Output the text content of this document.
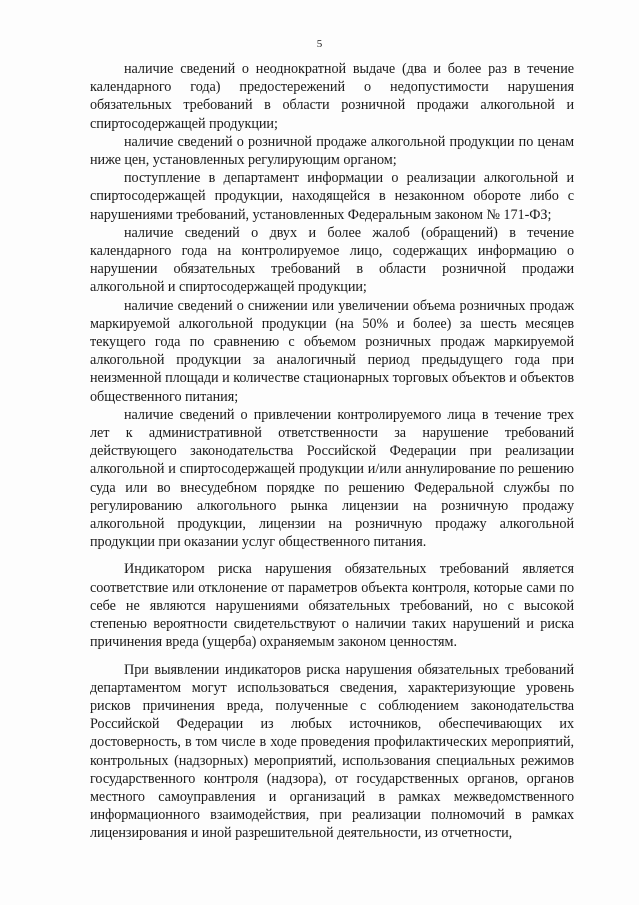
5

наличие сведений о неоднократной выдаче (два и более раз в течение календарного года) предостережений о недопустимости нарушения обязательных требований в области розничной продажи алкогольной и спиртосодержащей продукции;

наличие сведений о розничной продаже алкогольной продукции по ценам ниже цен, установленных регулирующим органом;

поступление в департамент информации о реализации алкогольной и спиртосодержащей продукции, находящейся в незаконном обороте либо с нарушениями требований, установленных Федеральным законом № 171-ФЗ;

наличие сведений о двух и более жалоб (обращений) в течение календарного года на контролируемое лицо, содержащих информацию о нарушении обязательных требований в области розничной продажи алкогольной и спиртосодержащей продукции;

наличие сведений о снижении или увеличении объема розничных продаж маркируемой алкогольной продукции (на 50% и более) за шесть месяцев текущего года по сравнению с объемом розничных продаж маркируемой алкогольной продукции за аналогичный период предыдущего года при неизменной площади и количестве стационарных торговых объектов и объектов общественного питания;

наличие сведений о привлечении контролируемого лица в течение трех лет к административной ответственности за нарушение требований действующего законодательства Российской Федерации при реализации алкогольной и спиртосодержащей продукции и/или аннулирование по решению суда или во внесудебном порядке по решению Федеральной службы по регулированию алкогольного рынка лицензии на розничную продажу алкогольной продукции, лицензии на розничную продажу алкогольной продукции при оказании услуг общественного питания.

Индикатором риска нарушения обязательных требований является соответствие или отклонение от параметров объекта контроля, которые сами по себе не являются нарушениями обязательных требований, но с высокой степенью вероятности свидетельствуют о наличии таких нарушений и риска причинения вреда (ущерба) охраняемым законом ценностям.

При выявлении индикаторов риска нарушения обязательных требований департаментом могут использоваться сведения, характеризующие уровень рисков причинения вреда, полученные с соблюдением законодательства Российской Федерации из любых источников, обеспечивающих их достоверность, в том числе в ходе проведения профилактических мероприятий, контрольных (надзорных) мероприятий, использования специальных режимов государственного контроля (надзора), от государственных органов, органов местного самоуправления и организаций в рамках межведомственного информационного взаимодействия, при реализации полномочий в рамках лицензирования и иной разрешительной деятельности, из отчетности,
